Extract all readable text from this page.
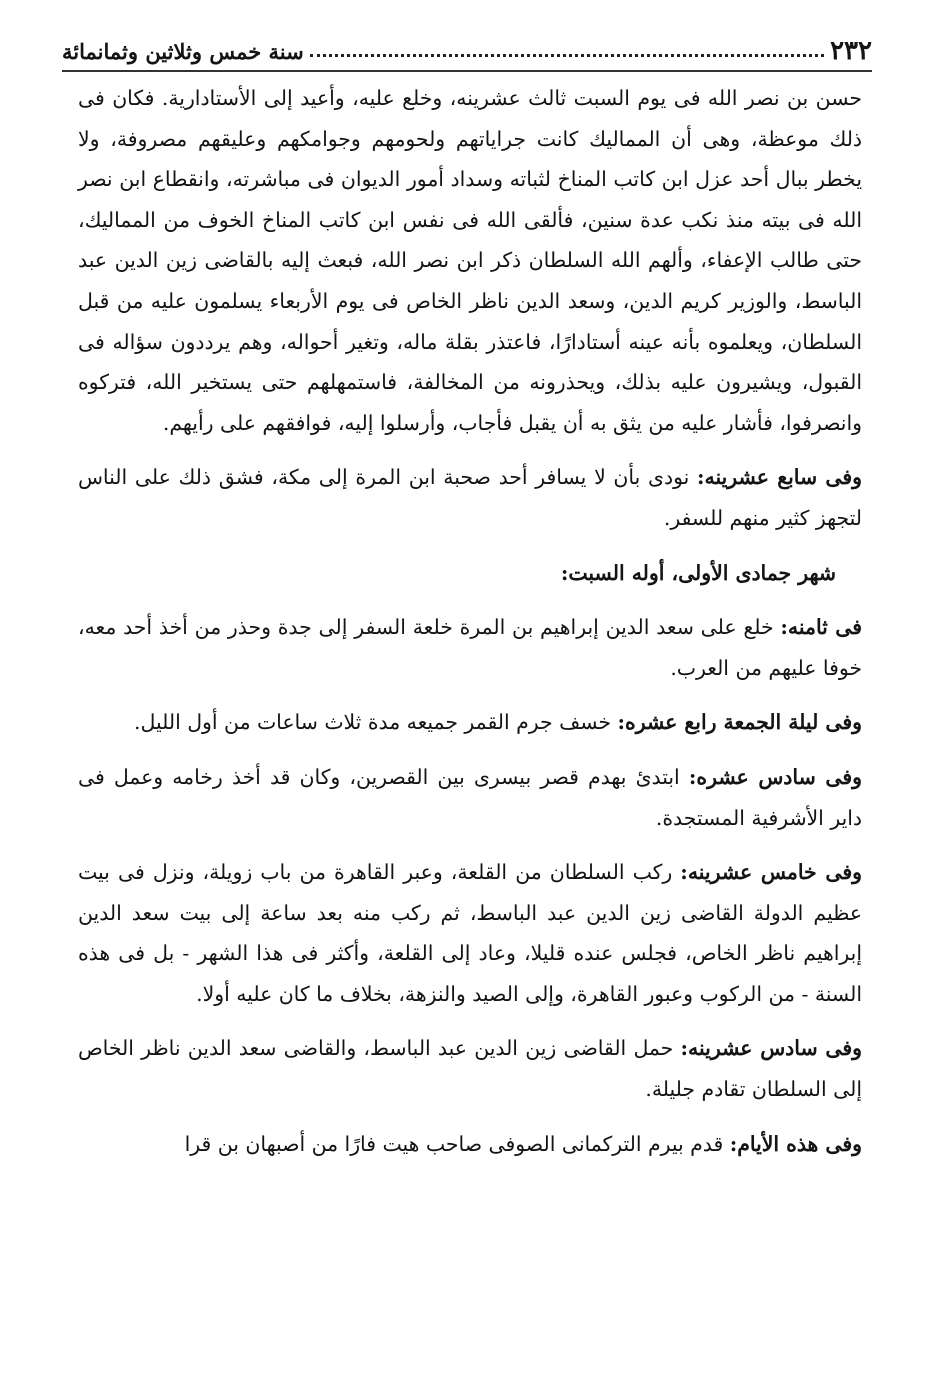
٢٣٢
سنة خمس وثلاثين وثمانمائة

حسن بن نصر الله فى يوم السبت ثالث عشرينه، وخلع عليه، وأعيد إلى الأستادارية. فكان فى ذلك موعظة، وهى أن المماليك كانت جراياتهم ولحومهم وجوامكهم وعليقهم مصروفة، ولا يخطر ببال أحد عزل ابن كاتب المناخ لثباته وسداد أمور الديوان فى مباشرته، وانقطاع ابن نصر الله فى بيته منذ نكب عدة سنين، فألقى الله فى نفس ابن كاتب المناخ الخوف من المماليك، حتى طالب الإعفاء، وألهم الله السلطان ذكر ابن نصر الله، فبعث إليه بالقاضى زين الدين عبد الباسط، والوزير كريم الدين، وسعد الدين ناظر الخاص فى يوم الأربعاء يسلمون عليه من قبل السلطان، ويعلموه بأنه عينه أستادارًا، فاعتذر بقلة ماله، وتغير أحواله، وهم يرددون سؤاله فى القبول، ويشيرون عليه بذلك، ويحذرونه من المخالفة، فاستمهلهم حتى يستخير الله، فتركوه وانصرفوا، فأشار عليه من يثق به أن يقبل فأجاب، وأرسلوا إليه، فوافقهم على رأيهم.

وفى سابع عشرينه: نودى بأن لا يسافر أحد صحبة ابن المرة إلى مكة، فشق ذلك على الناس لتجهز كثير منهم للسفر.

شهر جمادى الأولى، أوله السبت:

فى ثامنه: خلع على سعد الدين إبراهيم بن المرة خلعة السفر إلى جدة وحذر من أخذ أحد معه، خوفا عليهم من العرب.

وفى ليلة الجمعة رابع عشره: خسف جرم القمر جميعه مدة ثلاث ساعات من أول الليل.

وفى سادس عشره: ابتدئ بهدم قصر بيسرى بين القصرين، وكان قد أخذ رخامه وعمل فى داير الأشرفية المستجدة.

وفى خامس عشرينه: ركب السلطان من القلعة، وعبر القاهرة من باب زويلة، ونزل فى بيت عظيم الدولة القاضى زين الدين عبد الباسط، ثم ركب منه بعد ساعة إلى بيت سعد الدين إبراهيم ناظر الخاص، فجلس عنده قليلا، وعاد إلى القلعة، وأكثر فى هذا الشهر - بل فى هذه السنة - من الركوب وعبور القاهرة، وإلى الصيد والنزهة، بخلاف ما كان عليه أولا.

وفى سادس عشرينه: حمل القاضى زين الدين عبد الباسط، والقاضى سعد الدين ناظر الخاص إلى السلطان تقادم جليلة.

وفى هذه الأيام: قدم بيرم التركمانى الصوفى صاحب هيت فارًا من أصبهان بن قرا
